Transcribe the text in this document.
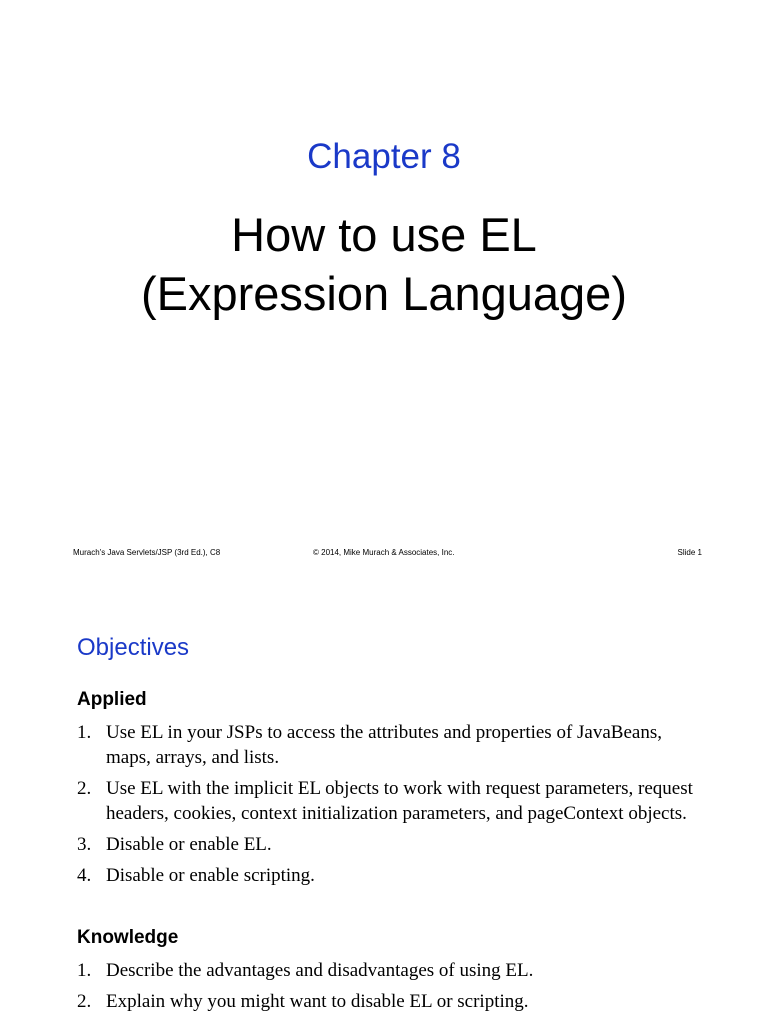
Chapter 8
How to use EL
(Expression Language)
Murach's Java Servlets/JSP (3rd Ed.), C8	© 2014, Mike Murach & Associates, Inc.	Slide 1
Objectives
Applied
1. Use EL in your JSPs to access the attributes and properties of JavaBeans, maps, arrays, and lists.
2. Use EL with the implicit EL objects to work with request parameters, request headers, cookies, context initialization parameters, and pageContext objects.
3. Disable or enable EL.
4. Disable or enable scripting.
Knowledge
1. Describe the advantages and disadvantages of using EL.
2. Explain why you might want to disable EL or scripting.
